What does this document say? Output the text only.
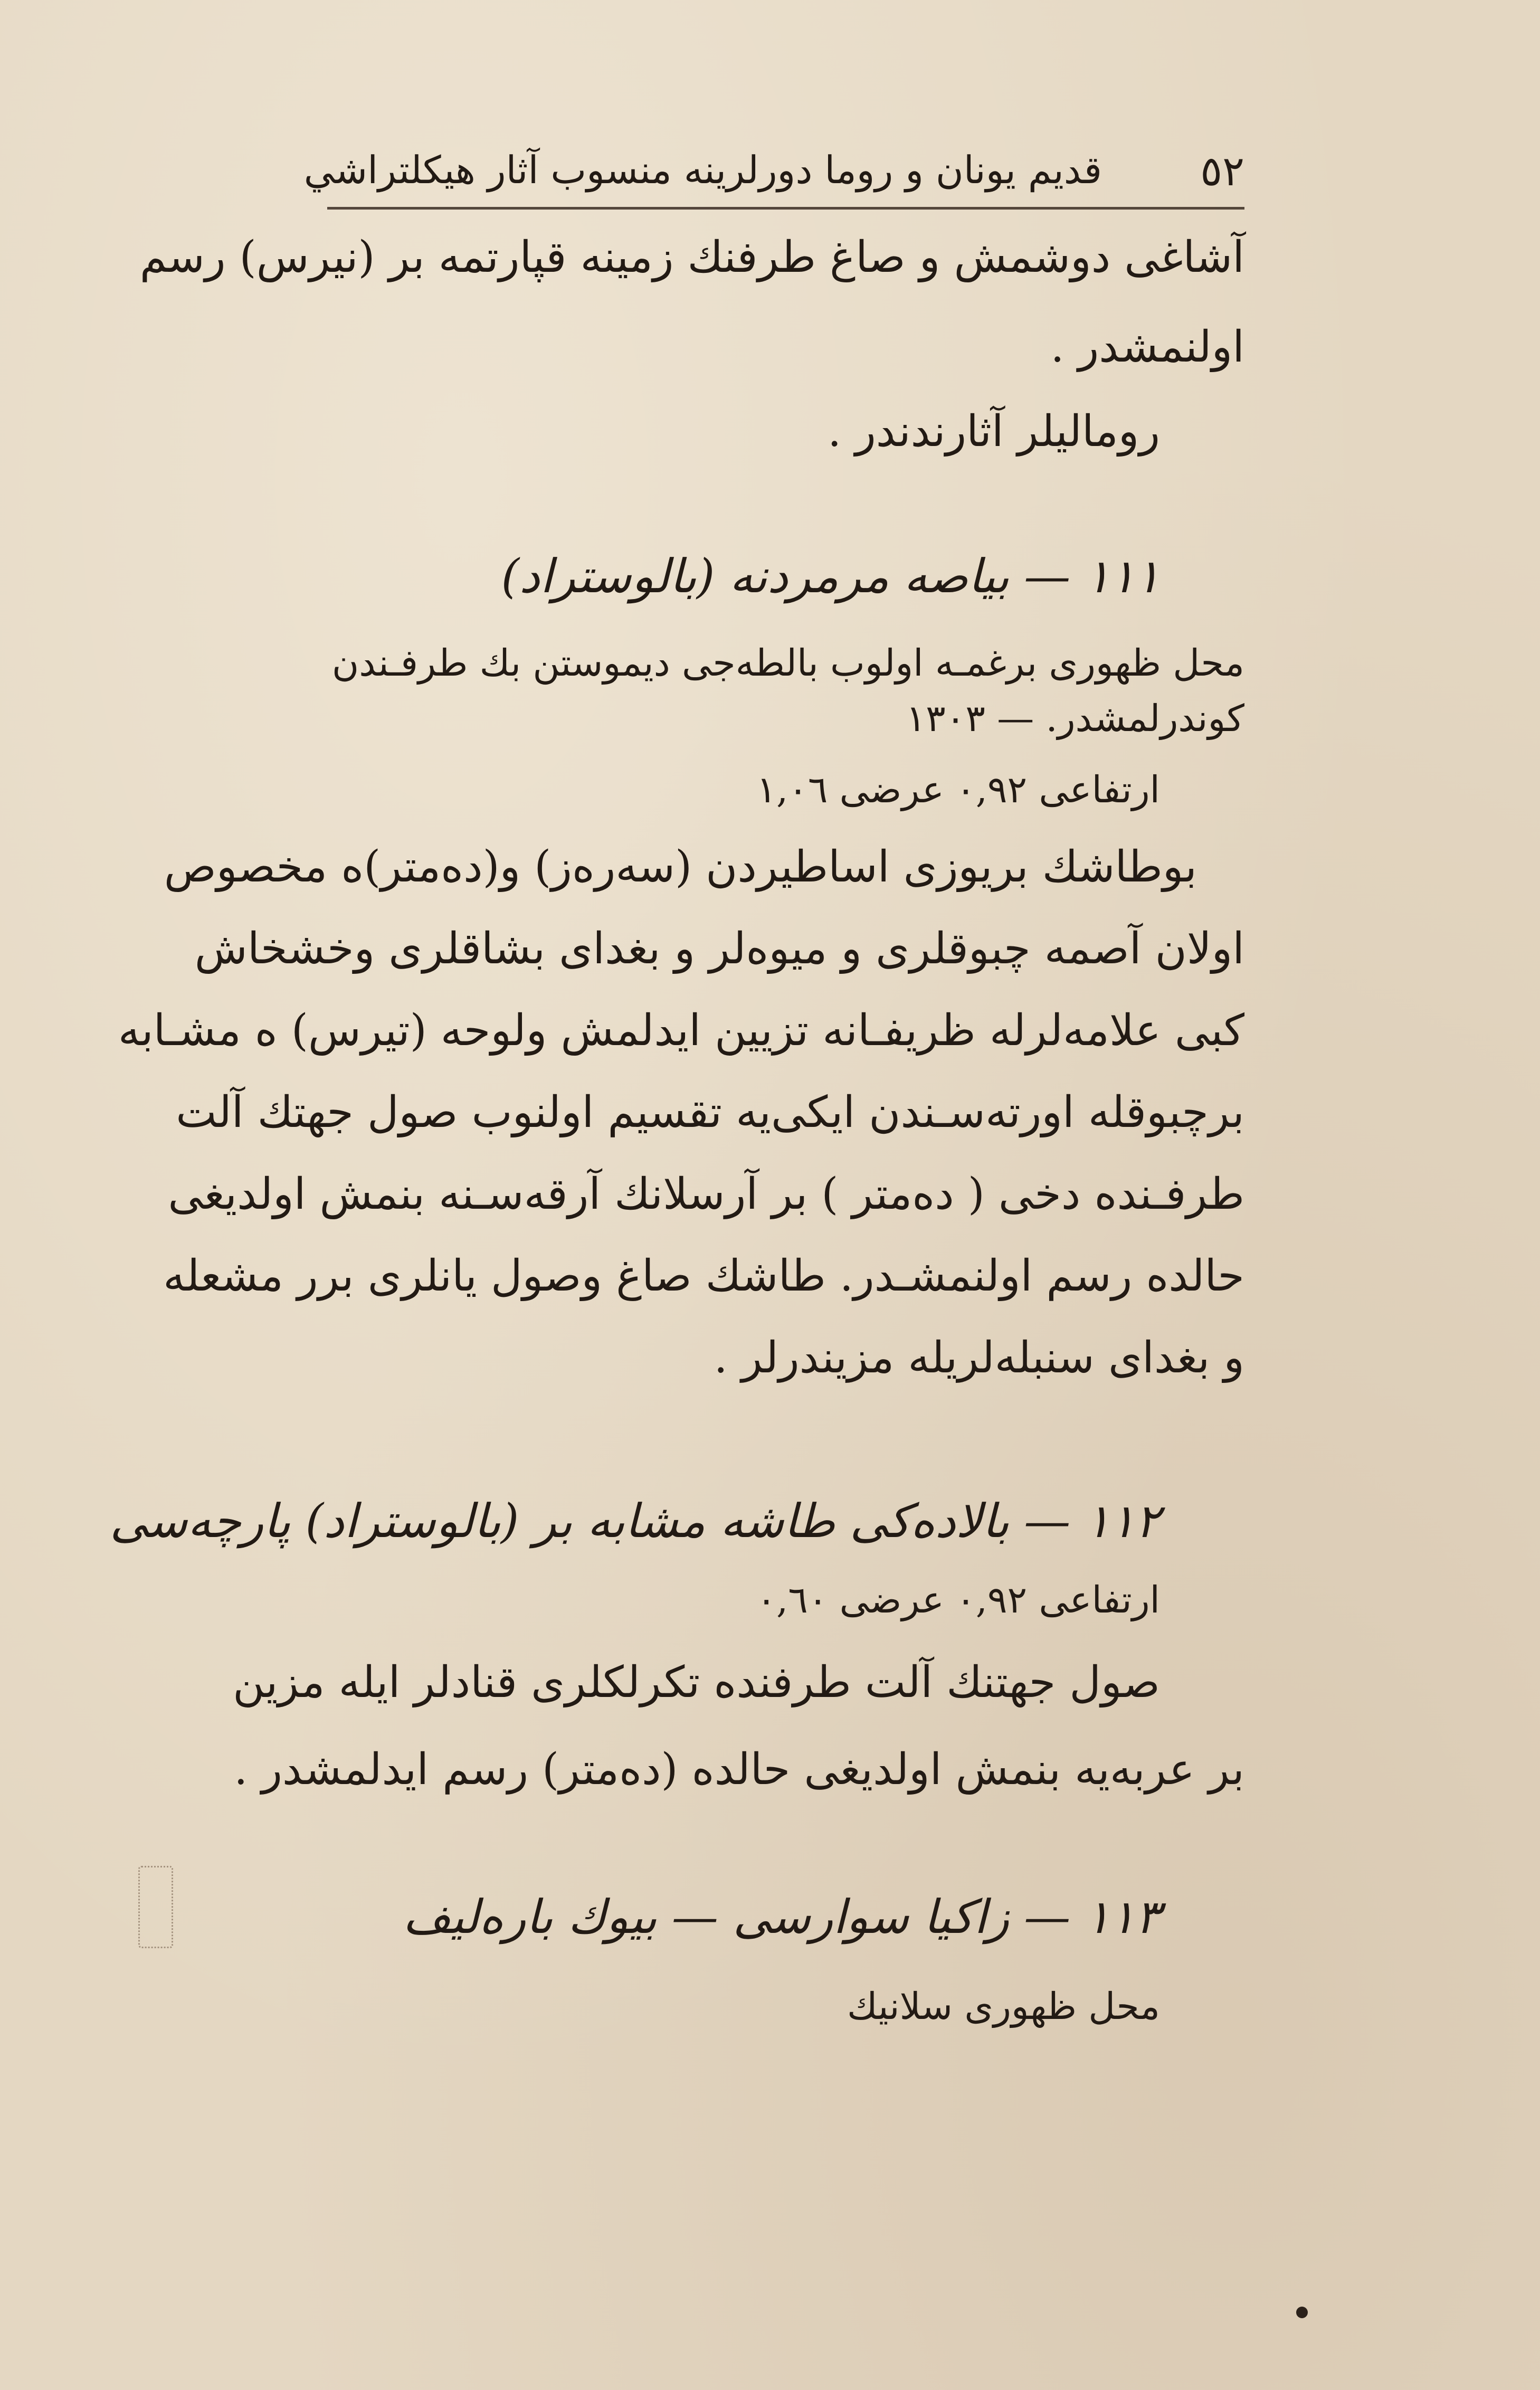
٥٢
قديم يونان و روما دورلرينه منسوب آثار هيكلتراشي
آشاغى دوشمش و صاغ طرفنك زمينه قپارتمه بر (نيرس) رسم
اولنمشدر .
روماليلر آثارندندر .
١١١ — بياصه مرمردنه (بالوستراد)
محل ظهورى برغمـه اولوب بالطه‌جى ديموستن بك طرفـندن
كوندرلمشدر. — ١٣٠٣
ارتفاعى ٠,٩٢ عرضى ١,٠٦
بوطاشك بريوزى اساطيردن (سه‌ره‌ز) و(ده‌متر)ه مخصوص
اولان آصمه چبوقلرى و ميوه‌لر و بغداى بشاقلرى وخشخاش
كبى علامه‌لرله ظريفـانه تزيين ايدلمش ولوحه (تيرس) ه مشـابه
برچبوقله اورته‌سـندن ايكى‌يه تقسيم اولنوب صول جهتك آلت
طرفـنده دخى ( ده‌متر ) بر آرسلانك آرقه‌سـنه بنمش اولديغى
حالده رسم اولنمشـدر. طاشك صاغ وصول يانلرى برر مشعله
و بغداى سنبله‌لريله مزيندرلر .
١١٢ — بالاده‌كى طاشه مشابه بر (بالوستراد) پارچه‌سى
ارتفاعى ٠,٩٢ عرضى ٠,٦٠
صول جهتنك آلت طرفنده تكرلكلرى قنادلر ايله مزين
بر عربه‌يه بنمش اولديغى حالده (ده‌متر) رسم ايدلمشدر .
١١٣ — زاكيا سوارسى — بيوك بارەليف
محل ظهورى سلانيك
